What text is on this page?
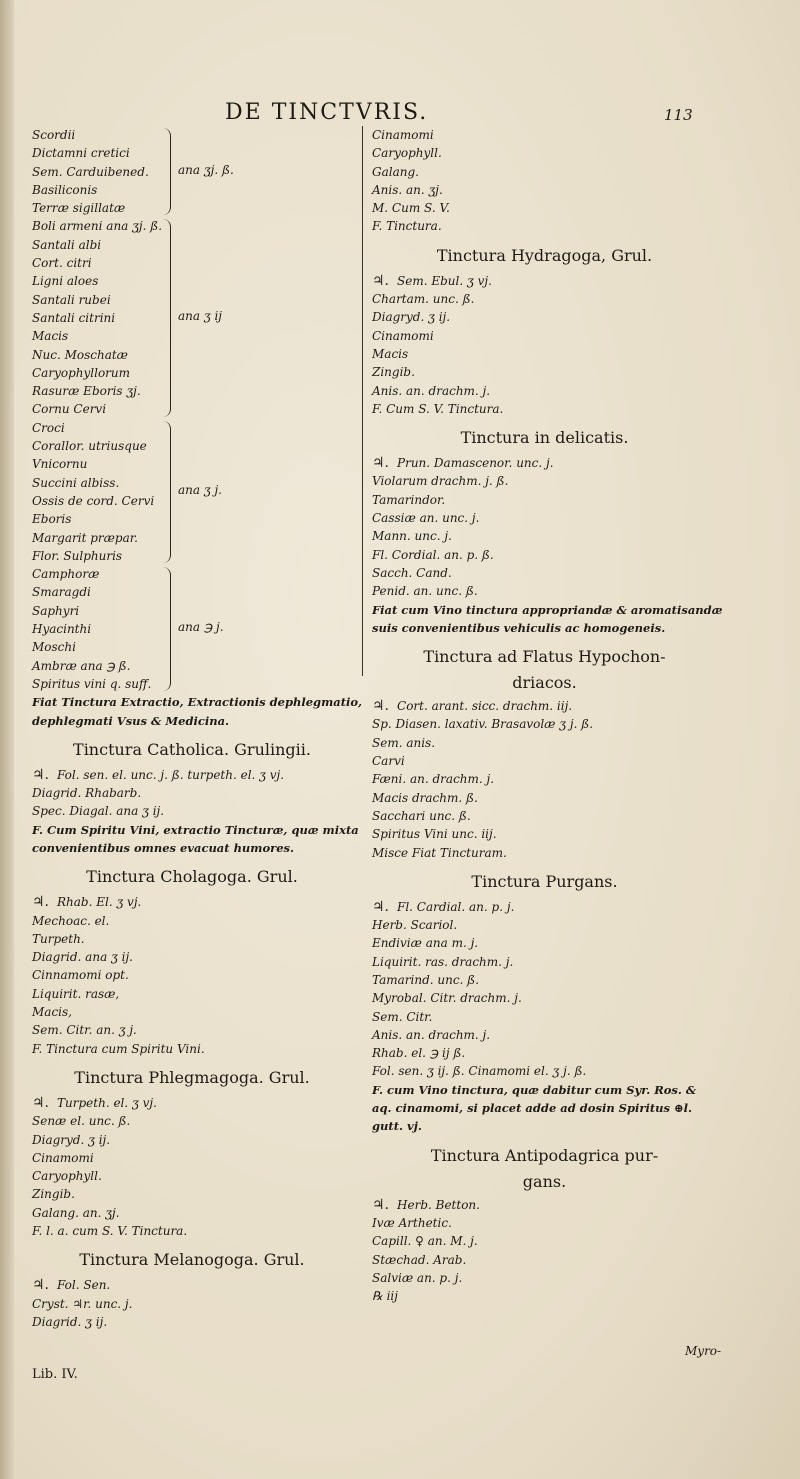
DE TINCTVRIS.	113
Scordii
Dictamni cretici
Sem. Carduibened.
Basiliconis
Terræ sigillatæ
ana ʒj. ß.
Boli armeni ana ʒj. ß.
Santali albi
Cort. citri
Ligni aloes
Santali rubei
Santali citrini
Macis
Nuc. Moschatæ
Caryophyllorum
Rasuræ Eboris ʒj.
Cornu Cervi
ana ʒ ij
Croci
Corallor. utriusque
Vnicornu
Succini albiss.
Ossis de cord. Cervi
Eboris
Margarit præpar.
Flor. Sulphuris
ana ʒ j.
Camphoræ
Smaragdi
Saphyri
Hyacinthi
Moschi
Ambræ ana ℈ ß.
Spiritus vini q. suff.
ana ℈ j.
Fiat Tinctura Extractio, Extractionis dephlegmatio,
dephlegmati Vsus & Medicina.
Tinctura Catholica. Grulingii.
♃. Fol. sen. el. unc. j. ß. turpeth. el. ʒ vj.
Diagrid. Rhabarb.
Spec. Diagal. ana ʒ ij.
F. Cum Spiritu Vini, extractio Tincturæ, quæ mixta
convenientibus omnes evacuat humores.
Tinctura Cholagoga. Grul.
♃. Rhab. El. ʒ vj.
Mechoac. el.
Turpeth.
Diagrid. ana ʒ ij.
Cinnamomi opt.
Liquirit. rasæ,
Macis,
Sem. Citr. an. ʒ j.
F. Tinctura cum Spiritu Vini.
Tinctura Phlegmagoga. Grul.
♃. Turpeth. el. ʒ vj.
Senæ el. unc. ß.
Diagryd. ʒ ij.
Cinamomi
Caryophyll.
Zingib.
Galang. an. ʒj.
F. l. a. cum S. V. Tinctura.
Tinctura Melanogoga. Grul.
♃. Fol. Sen.
Cryst. ♃r. unc. j.
Diagrid. ʒ ij.
Cinamomi
Caryophyll.
Galang.
Anis. an. ʒj.
M. Cum S. V.
F. Tinctura.
Tinctura Hydragoga, Grul.
♃. Sem. Ebul. ʒ vj.
Chartam. unc. ß.
Diagryd. ʒ ij.
Cinamomi
Macis
Zingib.
Anis. an. drachm. j.
F. Cum S. V. Tinctura.
Tinctura in delicatis.
♃. Prun. Damascenor. unc. j.
Violarum drachm. j. ß.
Tamarindor.
Cassiæ an. unc. j.
Mann. unc. j.
Fl. Cordial. an. p. ß.
Sacch. Cand.
Penid. an. unc. ß.
Fiat cum Vino tinctura appropriandæ & aromatisandæ
suis convenientibus vehiculis ac homogeneis.
Tinctura ad Flatus Hypochon-
driacos.
♃. Cort. arant. sicc. drachm. iij.
Sp. Diasen. laxativ. Brasavolæ ʒ j. ß.
Sem. anis.
Carvi
Fæni. an. drachm. j.
Macis drachm. ß.
Sacchari unc. ß.
Spiritus Vini unc. iij.
Misce Fiat Tincturam.
Tinctura Purgans.
♃. Fl. Cardial. an. p. j.
Herb. Scariol.
Endiviæ ana m. j.
Liquirit. ras. drachm. j.
Tamarind. unc. ß.
Myrobal. Citr. drachm. j.
Sem. Citr.
Anis. an. drachm. j.
Rhab. el. ℈ ij ß.
Fol. sen. ʒ ij. ß. Cinamomi el. ʒ j. ß.
F. cum Vino tinctura, quæ dabitur cum Syr. Ros. &
aq. cinamomi, si placet adde ad dosin Spiritus ⊕l.
gutt. vj.
Tinctura Antipodagrica pur-
gans.
♃. Herb. Betton.
Ivæ Arthetic.
Capill. ♀ an. M. j.
Stæchad. Arab.
Salviæ an. p. j.
℞ iij
Lib. IV.
Myro-
